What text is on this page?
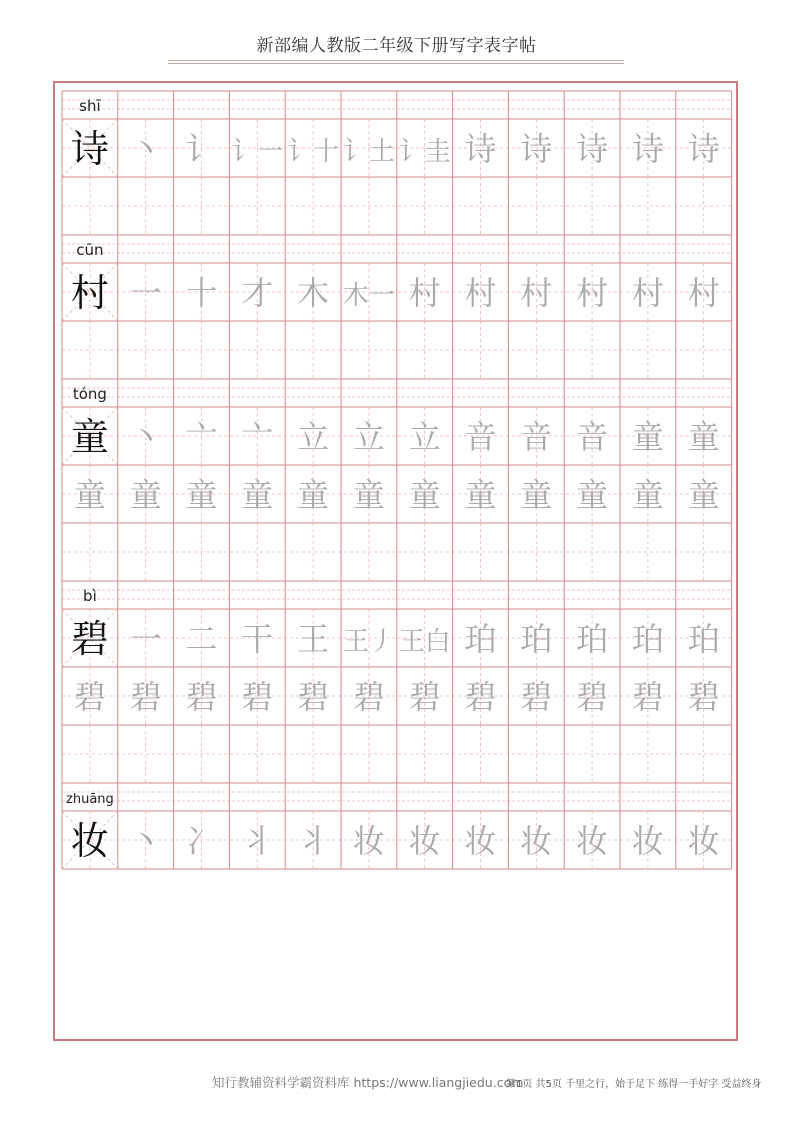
新部编人教版二年级下册写字表字帖
shī
诗 丶 讠 讠一 讠十 讠土 讠圭 诗 诗 诗 诗 诗
cūn
村 一 十 才 木 木一 村 村 村 村 村 村
tóng
童 丶 亠 亠 立 立 立 音 音 音 童 童
童 童 童 童 童 童 童 童 童 童 童 童
bì
碧 一 二 干 王 王丿 王白 珀 珀 珀 珀 珀
碧 碧 碧 碧 碧 碧 碧 碧 碧 碧 碧 碧
zhuāng
妆 丶 冫 丬 丬 妆 妆 妆 妆 妆 妆 妆
知行教辅资料学霸资料库 https://www.liangjiedu.com
第1页 共5页 千里之行，始于足下 练得一手好字 受益终身
